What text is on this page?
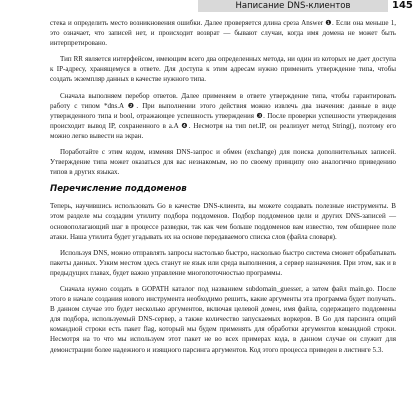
Написание DNS-клиентов	145

стека и определить место возникновения ошибки. Далее проверяется длина среза Answer ❶. Если она меньше 1, это означает, что записей нет, и происходит возврат — бывают случаи, когда имя домена не может быть интерпретировано.

Тип RR является интерфейсом, имеющим всего два определенных метода, ни один из которых не дает доступа к IP-адресу, хранящемуся в ответе. Для доступа к этим адресам нужно применить утверждение типа, чтобы создать экземпляр данных в качестве нужного типа.

Сначала выполняем перебор ответов. Далее применяем в ответе утверждение типа, чтобы гарантировать работу с типом *dns.A ❷. При выполнении этого действия можно извлечь два значения: данные в виде утвержденного типа и bool, отражающее успешность утверждения ❸. После проверки успешности утверждения происходит вывод IP, сохраненного в a.A ❹. Несмотря на тип net.IP, он реализует метод String(), поэтому его можно легко вывести на экран.

Поработайте с этим кодом, изменяя DNS-запрос и обмен (exchange) для поиска дополнительных записей. Утверждение типа может оказаться для вас незнакомым, но по своему принципу оно аналогично приведению типов в других языках.

Перечисление поддоменов

Теперь, научившись использовать Go в качестве DNS-клиента, вы можете создавать полезные инструменты. В этом разделе мы создадим утилиту подбора поддоменов. Подбор поддоменов цели и других DNS-записей — основополагающий шаг в процессе разведки, так как чем больше поддоменов вам известно, тем обширнее поле атаки. Наша утилита будет угадывать их на основе передаваемого списка слов (файла словаря).

Используя DNS, можно отправлять запросы настолько быстро, насколько быстро система сможет обрабатывать пакеты данных. Узким местом здесь станут не язык или среда выполнения, а сервер назначения. При этом, как и в предыдущих главах, будет важно управление многопоточностью программы.

Сначала нужно создать в GOPATH каталог под названием subdomain_guesser, а затем файл main.go. После этого в начале создания нового инструмента необходимо решить, какие аргументы эта программа будет получать. В данном случае это будет несколько аргументов, включая целевой домен, имя файла, содержащего поддомены для подбора, используемый DNS-сервер, а также количество запускаемых воркеров. В Go для парсинга опций командной строки есть пакет flag, который мы будем применять для обработки аргументов командной строки. Несмотря на то что мы используем этот пакет не во всех примерах кода, в данном случае он служит для демонстрации более надежного и изящного парсинга аргументов. Код этого процесса приведен в листинге 5.3.
